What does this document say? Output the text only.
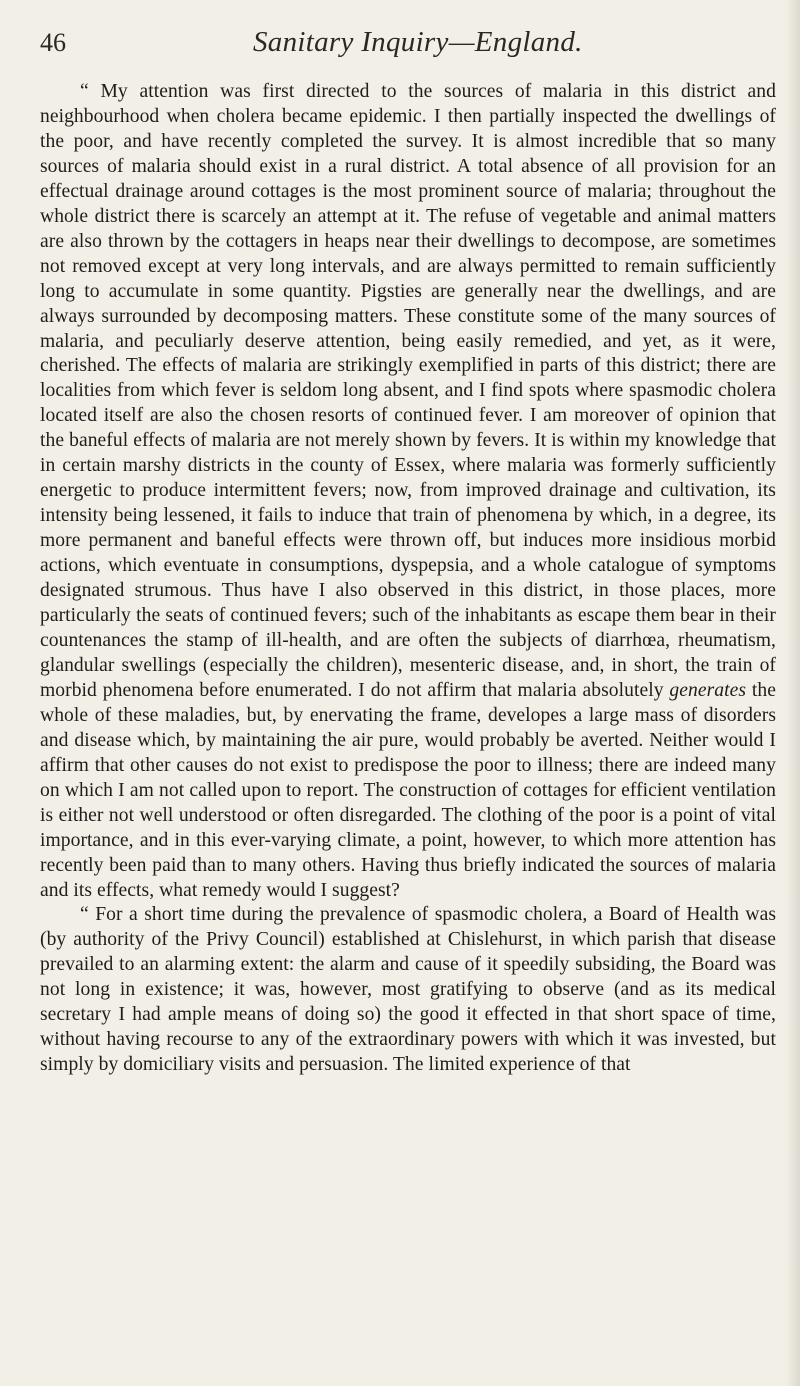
46	Sanitary Inquiry—England.

“ My attention was first directed to the sources of malaria in this district and neighbourhood when cholera became epidemic. I then partially inspected the dwellings of the poor, and have recently completed the survey. It is almost incredible that so many sources of malaria should exist in a rural district. A total absence of all provision for an effectual drainage around cottages is the most prominent source of malaria; throughout the whole district there is scarcely an attempt at it. The refuse of vegetable and animal matters are also thrown by the cottagers in heaps near their dwellings to decompose, are sometimes not removed except at very long intervals, and are always permitted to remain sufficiently long to accumulate in some quantity. Pigsties are generally near the dwellings, and are always surrounded by decomposing matters. These constitute some of the many sources of malaria, and peculiarly deserve attention, being easily remedied, and yet, as it were, cherished. The effects of malaria are strikingly exemplified in parts of this district; there are localities from which fever is seldom long absent, and I find spots where spasmodic cholera located itself are also the chosen resorts of continued fever. I am moreover of opinion that the baneful effects of malaria are not merely shown by fevers. It is within my knowledge that in certain marshy districts in the county of Essex, where malaria was formerly sufficiently energetic to produce intermittent fevers; now, from improved drainage and cultivation, its intensity being lessened, it fails to induce that train of phenomena by which, in a degree, its more permanent and baneful effects were thrown off, but induces more insidious morbid actions, which eventuate in consumptions, dyspepsia, and a whole catalogue of symptoms designated strumous. Thus have I also observed in this district, in those places, more particularly the seats of continued fevers; such of the inhabitants as escape them bear in their countenances the stamp of ill-health, and are often the subjects of diarrhœa, rheumatism, glandular swellings (especially the children), mesenteric disease, and, in short, the train of morbid phenomena before enumerated. I do not affirm that malaria absolutely generates the whole of these maladies, but, by enervating the frame, developes a large mass of disorders and disease which, by maintaining the air pure, would probably be averted. Neither would I affirm that other causes do not exist to predispose the poor to illness; there are indeed many on which I am not called upon to report. The construction of cottages for efficient ventilation is either not well understood or often disregarded. The clothing of the poor is a point of vital importance, and in this ever-varying climate, a point, however, to which more attention has recently been paid than to many others. Having thus briefly indicated the sources of malaria and its effects, what remedy would I suggest?

“ For a short time during the prevalence of spasmodic cholera, a Board of Health was (by authority of the Privy Council) established at Chislehurst, in which parish that disease prevailed to an alarming extent: the alarm and cause of it speedily subsiding, the Board was not long in existence; it was, however, most gratifying to observe (and as its medical secretary I had ample means of doing so) the good it effected in that short space of time, without having recourse to any of the extraordinary powers with which it was invested, but simply by domiciliary visits and persuasion. The limited experience of that
